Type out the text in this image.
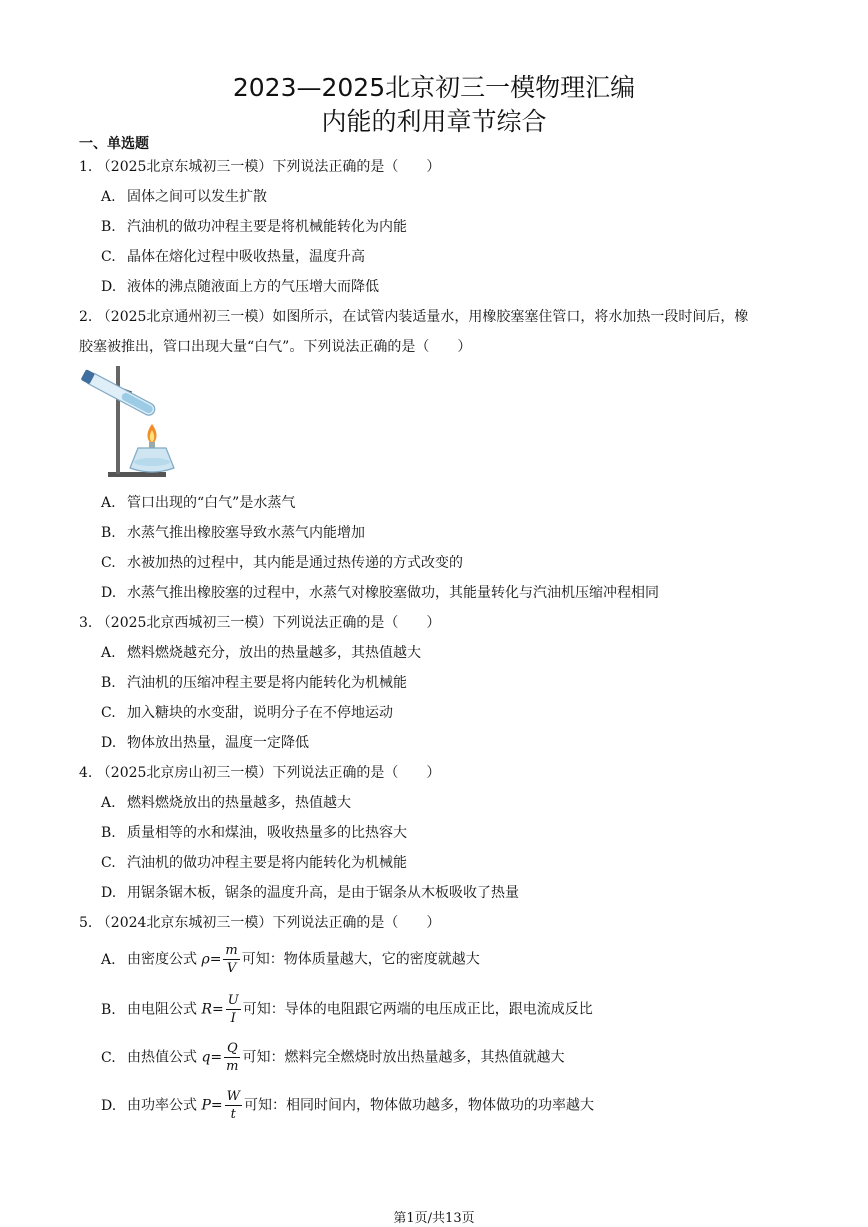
2023—2025北京初三一模物理汇编
内能的利用章节综合
一、单选题
1. （2025北京东城初三一模）下列说法正确的是（　　）
A. 固体之间可以发生扩散
B. 汽油机的做功冲程主要是将机械能转化为内能
C. 晶体在熔化过程中吸收热量，温度升高
D. 液体的沸点随液面上方的气压增大而降低
2. （2025北京通州初三一模）如图所示，在试管内装适量水，用橡胶塞塞住管口，将水加热一段时间后，橡
胶塞被推出，管口出现大量“白气”。下列说法正确的是（　　）
A. 管口出现的“白气”是水蒸气
B. 水蒸气推出橡胶塞导致水蒸气内能增加
C. 水被加热的过程中，其内能是通过热传递的方式改变的
D. 水蒸气推出橡胶塞的过程中，水蒸气对橡胶塞做功，其能量转化与汽油机压缩冲程相同
3. （2025北京西城初三一模）下列说法正确的是（　　）
A. 燃料燃烧越充分，放出的热量越多，其热值越大
B. 汽油机的压缩冲程主要是将内能转化为机械能
C. 加入糖块的水变甜，说明分子在不停地运动
D. 物体放出热量，温度一定降低
4. （2025北京房山初三一模）下列说法正确的是（　　）
A. 燃料燃烧放出的热量越多，热值越大
B. 质量相等的水和煤油，吸收热量多的比热容大
C. 汽油机的做功冲程主要是将内能转化为机械能
D. 用锯条锯木板，锯条的温度升高，是由于锯条从木板吸收了热量
5. （2024北京东城初三一模）下列说法正确的是（　　）
A. 由密度公式 $\rho= \frac{m}{V}$ 可知：物体质量越大，它的密度就越大
B. 由电阻公式 $R= \frac{U}{I}$ 可知：导体的电阻跟它两端的电压成正比，跟电流成反比
C. 由热值公式 $q= \frac{Q}{m}$ 可知：燃料完全燃烧时放出热量越多，其热值就越大
D. 由功率公式 $P= \frac{W}{t}$ 可知：相同时间内，物体做功越多，物体做功的功率越大
第1页/共13页
